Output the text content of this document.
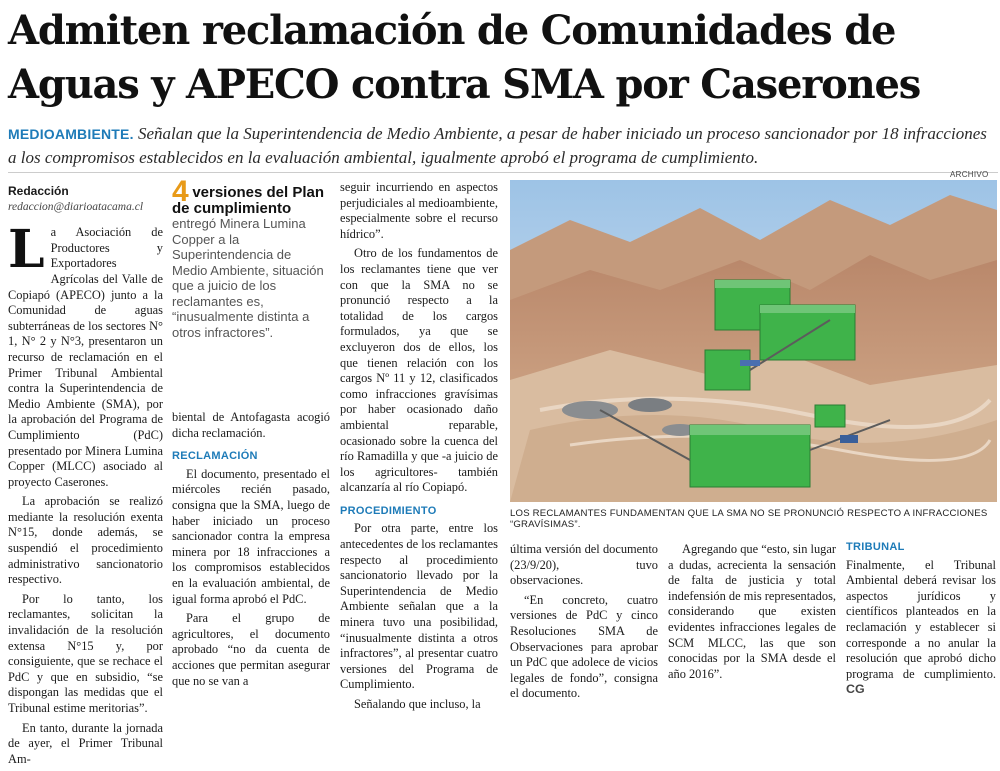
Admiten reclamación de Comunidades de
Aguas y APECO contra SMA por Caserones
MEDIOAMBIENTE. Señalan que la Superintendencia de Medio Ambiente, a pesar de haber iniciado un proceso sancionador por 18 infracciones a los compromisos establecidos en la evaluación ambiental, igualmente aprobó el programa de cumplimiento.
Redacción
redaccion@diarioatacama.cl

La Asociación de Productores y Exportadores Agrícolas del Valle de Copiapó (APECO) junto a la Comunidad de aguas subterráneas de los sectores N° 1, N° 2 y N°3, presentaron un recurso de reclamación en el Primer Tribunal Ambiental contra la Superintendencia de Medio Ambiente (SMA), por la aprobación del Programa de Cumplimiento (PdC) presentado por Minera Lumina Copper (MLCC) asociado al proyecto Caserones.

La aprobación se realizó mediante la resolución exenta N°15, donde además, se suspendió el procedimiento administrativo sancionatorio respectivo.

Por lo tanto, los reclamantes, solicitan la invalidación de la resolución extensa N°15 y, por consiguiente, que se rechace el PdC y que en subsidio, “se dispongan las medidas que el Tribunal estime meritorias”.

En tanto, durante la jornada de ayer, el Primer Tribunal Am-

4 versiones del Plan de cumplimiento entregó Minera Lumina Copper a la Superintendencia de Medio Ambiente, situación que a juicio de los reclamantes es, “inusualmente distinta a otros infractores”.

biental de Antofagasta acogió dicha reclamación.

RECLAMACIÓN

El documento, presentado el miércoles recién pasado, consigna que la SMA, luego de haber iniciado un proceso sancionador contra la empresa minera por 18 infracciones a los compromisos establecidos en la evaluación ambiental, de igual forma aprobó el PdC.

Para el grupo de agricultores, el documento aprobado “no da cuenta de acciones que permitan asegurar que no se van a

seguir incurriendo en aspectos perjudiciales al medioambiente, especialmente sobre el recurso hídrico”.

Otro de los fundamentos de los reclamantes tiene que ver con que la SMA no se pronunció respecto a la totalidad de los cargos formulados, ya que se excluyeron dos de ellos, los que tienen relación con los cargos Nº 11 y 12, clasificados como infracciones gravísimas por haber ocasionado daño ambiental reparable, ocasionado sobre la cuenca del río Ramadilla y que -a juicio de los agricultores- también alcanzaría al río Copiapó.

PROCEDIMIENTO

Por otra parte, entre los antecedentes de los reclamantes respecto al procedimiento sancionatorio llevado por la Superintendencia de Medio Ambiente señalan que a la minera tuvo una posibilidad, “inusualmente distinta a otros infractores”, al presentar cuatro versiones del Programa de Cumplimiento.

Señalando que incluso, la

ARCHIVO
LOS RECLAMANTES FUNDAMENTAN QUE LA SMA NO SE PRONUNCIÓ RESPECTO A INFRACCIONES “GRAVÍSIMAS”.

última versión del documento (23/9/20), tuvo observaciones.

“En concreto, cuatro versiones de PdC y cinco Resoluciones SMA de Observaciones para aprobar un PdC que adolece de vicios legales de fondo”, consigna el documento.

Agregando que “esto, sin lugar a dudas, acrecienta la sensación de falta de justicia y total indefensión de mis representados, considerando que existen evidentes infracciones legales de SCM MLCC, las que son conocidas por la SMA desde el año 2016”.

TRIBUNAL

Finalmente, el Tribunal Ambiental deberá revisar los aspectos jurídicos y científicos planteados en la reclamación y establecer si corresponde a no anular la resolución que aprobó dicho programa de cumplimiento. CG
